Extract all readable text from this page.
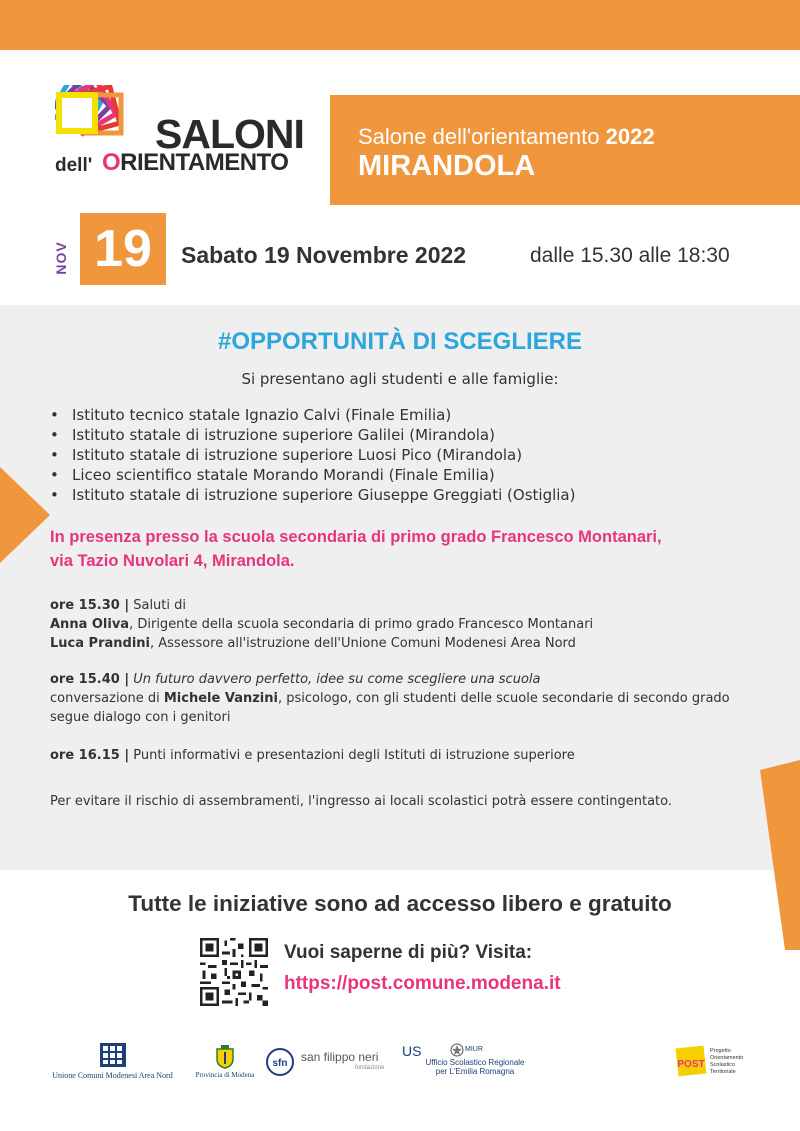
SALONI
dell' ORIENTAMENTO
Salone dell'orientamento 2022
MIRANDOLA
NOV 19	Sabato 19 Novembre 2022	dalle 15.30 alle 18:30
#OPPORTUNITÀ DI SCEGLIERE
Si presentano agli studenti e alle famiglie:
• Istituto tecnico statale Ignazio Calvi (Finale Emilia)
• Istituto statale di istruzione superiore Galilei (Mirandola)
• Istituto statale di istruzione superiore Luosi Pico (Mirandola)
• Liceo scientifico statale Morando Morandi (Finale Emilia)
• Istituto statale di istruzione superiore Giuseppe Greggiati (Ostiglia)
In presenza presso la scuola secondaria di primo grado Francesco Montanari,
via Tazio Nuvolari 4, Mirandola.
ore 15.30 | Saluti di
Anna Oliva, Dirigente della scuola secondaria di primo grado Francesco Montanari
Luca Prandini, Assessore all'istruzione dell'Unione Comuni Modenesi Area Nord
ore 15.40 | Un futuro davvero perfetto, idee su come scegliere una scuola
conversazione di Michele Vanzini, psicologo, con gli studenti delle scuole secondarie di secondo grado
segue dialogo con i genitori
ore 16.15 | Punti informativi e presentazioni degli Istituti di istruzione superiore
Per evitare il rischio di assembramenti, l'ingresso ai locali scolastici potrà essere contingentato.
Tutte le iniziative sono ad accesso libero e gratuito
Vuoi saperne di più? Visita:
https://post.comune.modena.it
Unione Comuni Modenesi Area Nord	Provincia di Modena
sfn san filippo neri
fondazione
US	MIUR
Ufficio Scolastico Regionale
per L'Emilia Romagna
POST
Progetto
Orientamento
Scolastico
Territoriale
